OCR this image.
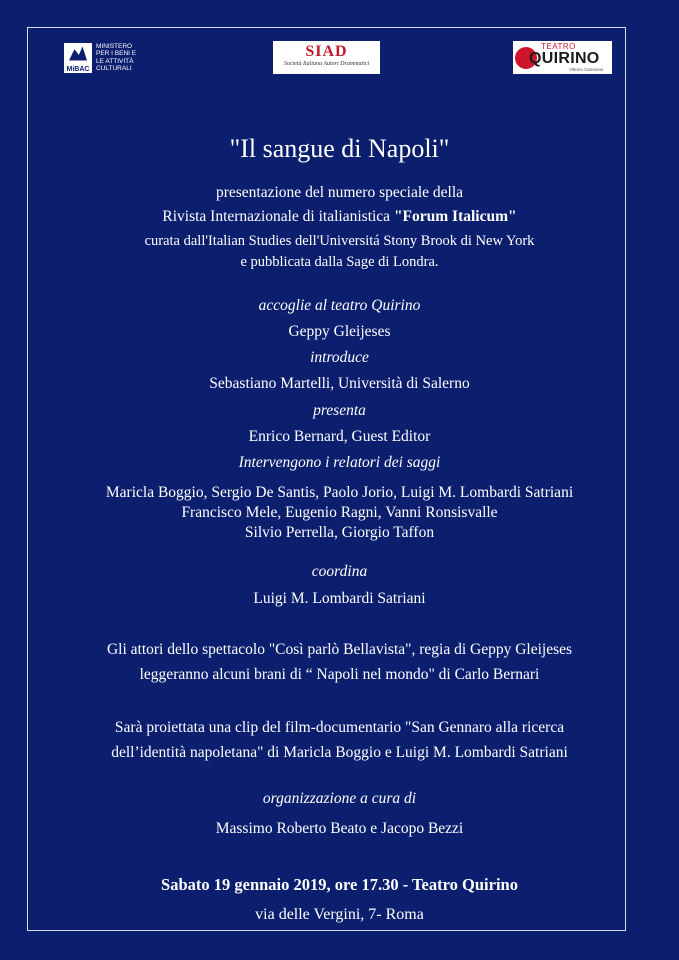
MiBAC
MINISTERO
PER I BENI E
LE ATTIVITÀ
CULTURALI
SIAD
Società Italiana Autori Drammatici
TEATRO
QUIRINO
Vittorio Gassman
"Il sangue di Napoli"
presentazione del numero speciale della
Rivista Internazionale di italianistica "Forum Italicum"
curata dall'Italian Studies dell'Universitá Stony Brook di New York
e pubblicata dalla Sage di Londra.
accoglie al teatro Quirino
Geppy Gleijeses
introduce
Sebastiano Martelli, Università di Salerno
presenta
Enrico Bernard, Guest Editor
Intervengono i relatori dei saggi
Maricla Boggio, Sergio De Santis, Paolo Jorio, Luigi M. Lombardi Satriani
Francisco Mele, Eugenio Ragni, Vanni Ronsisvalle
Silvio Perrella, Giorgio Taffon
coordina
Luigi M. Lombardi Satriani
Gli attori dello spettacolo "Così parlò Bellavista", regia di Geppy Gleijeses
leggeranno alcuni brani di “ Napoli nel mondo" di Carlo Bernari
Sarà proiettata una clip del film-documentario "San Gennaro alla ricerca
dell’identità napoletana" di Maricla Boggio e Luigi M. Lombardi Satriani
organizzazione a cura di
Massimo Roberto Beato e Jacopo Bezzi
Sabato 19 gennaio 2019, ore 17.30 - Teatro Quirino
via delle Vergini, 7- Roma
